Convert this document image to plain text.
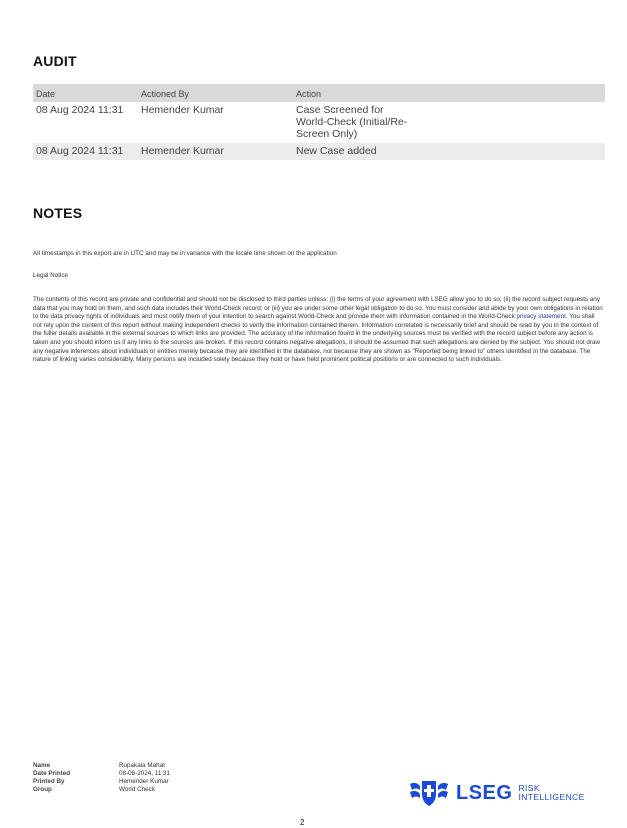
AUDIT
Date	Actioned By	Action
08 Aug 2024 11:31	Hemender Kumar	Case Screened for
World-Check (Initial/Re-
Screen Only)
08 Aug 2024 11:31	Hemender Kumar	New Case added
NOTES
All timestamps in this export are in UTC and may be in variance with the locale time shown on the application
Legal Notice
The contents of this record are private and confidential and should not be disclosed to third parties unless: (i) the terms of your agreement with LSEG allow you to do so; (ii) the record subject requests any data that you may hold on them, and such data includes their World-Check record; or (iii) you are under some other legal obligation to do so. You must consider and abide by your own obligations in relation to the data privacy rights of individuals and must notify them of your intention to search against World-Check and provide them with information contained in the World-Check privacy statement. You shall not rely upon the content of this report without making independent checks to verify the information contained therein. Information correlated is necessarily brief and should be read by you in the context of the fuller details available in the external sources to which links are provided. The accuracy of the information found in the underlying sources must be verified with the record subject before any action is taken and you should inform us if any links to the sources are broken. If this record contains negative allegations, it should be assumed that such allegations are denied by the subject. You should not draw any negative inferences about individuals or entities merely because they are identified in the database, nor because they are shown as "Reported being linked to" others identified in the database. The nature of linking varies considerably. Many persons are included solely because they hold or have held prominent political positions or are connected to such individuals.
Name	Rupakala Mahat
Date Printed	08-08-2024, 11:31
Printed By	Hemender Kumar
Group	World Check	LSEG RISK
INTELLIGENCE
2
